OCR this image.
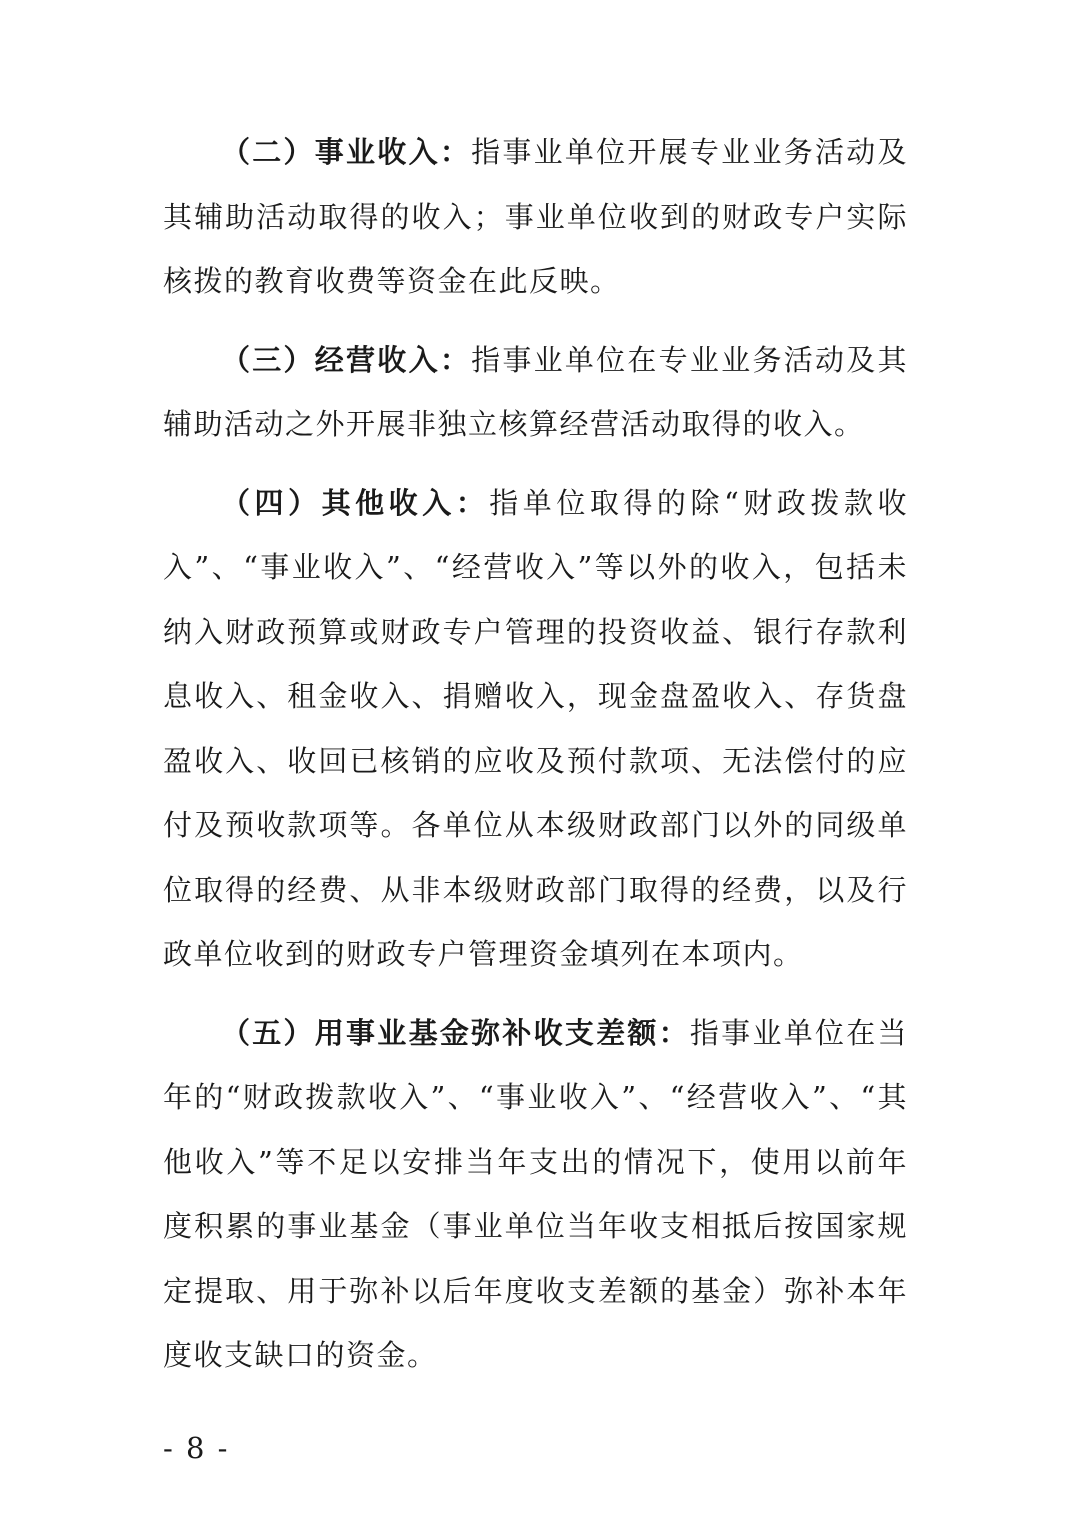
（二）事业收入：指事业单位开展专业业务活动及其辅助活动取得的收入；事业单位收到的财政专户实际核拨的教育收费等资金在此反映。

（三）经营收入：指事业单位在专业业务活动及其辅助活动之外开展非独立核算经营活动取得的收入。

（四）其他收入：指单位取得的除“财政拨款收入”、“事业收入”、“经营收入”等以外的收入，包括未纳入财政预算或财政专户管理的投资收益、银行存款利息收入、租金收入、捐赠收入，现金盘盈收入、存货盘盈收入、收回已核销的应收及预付款项、无法偿付的应付及预收款项等。各单位从本级财政部门以外的同级单位取得的经费、从非本级财政部门取得的经费，以及行政单位收到的财政专户管理资金填列在本项内。

（五）用事业基金弥补收支差额：指事业单位在当年的“财政拨款收入”、“事业收入”、“经营收入”、“其他收入”等不足以安排当年支出的情况下，使用以前年度积累的事业基金（事业单位当年收支相抵后按国家规定提取、用于弥补以后年度收支差额的基金）弥补本年度收支缺口的资金。

- 8 -
